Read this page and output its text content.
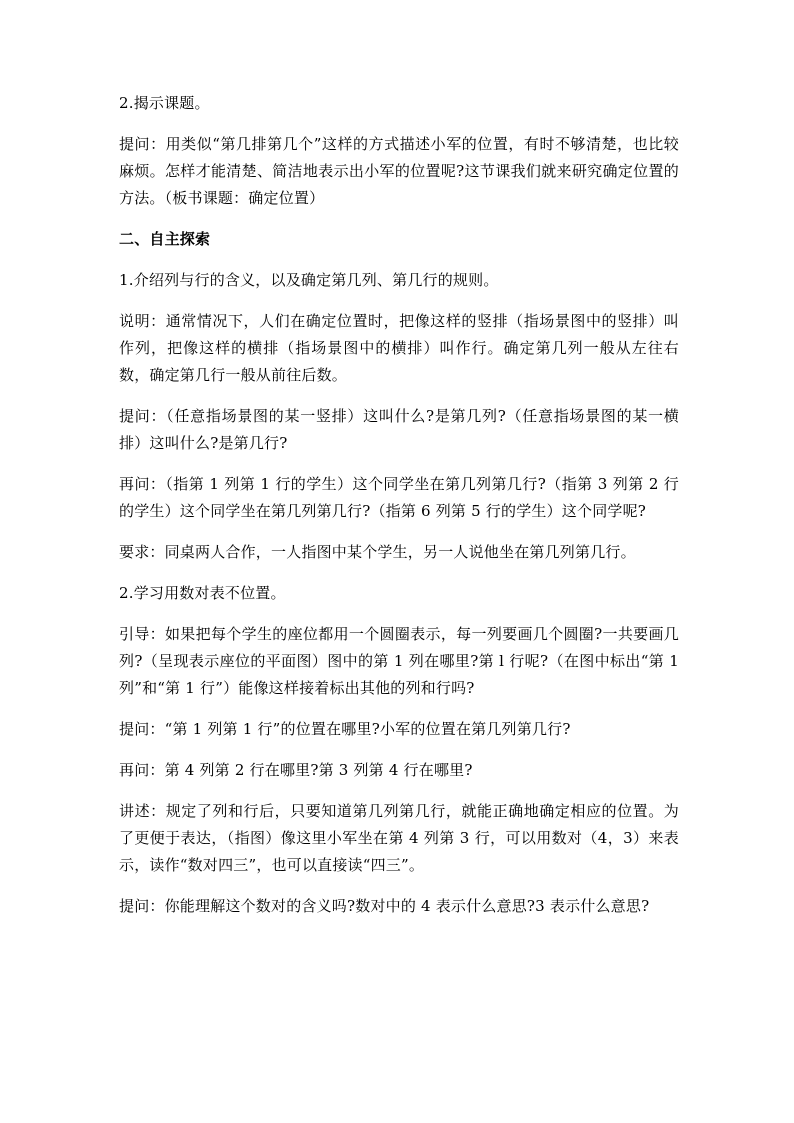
2.揭示课题。

提问：用类似“第几排第几个”这样的方式描述小军的位置，有时不够清楚，也比较麻烦。怎样才能清楚、简洁地表示出小军的位置呢?这节课我们就来研究确定位置的方法。（板书课题：确定位置）

二、自主探索

1.介绍列与行的含义，以及确定第几列、第几行的规则。

说明：通常情况下，人们在确定位置时，把像这样的竖排（指场景图中的竖排）叫作列，把像这样的横排（指场景图中的横排）叫作行。确定第几列一般从左往右数，确定第几行一般从前往后数。

提问：（任意指场景图的某一竖排）这叫什么?是第几列?（任意指场景图的某一横排）这叫什么?是第几行?

再问：（指第 1 列第 1 行的学生）这个同学坐在第几列第几行?（指第 3 列第 2 行的学生）这个同学坐在第几列第几行?（指第 6 列第 5 行的学生）这个同学呢?

要求：同桌两人合作，一人指图中某个学生，另一人说他坐在第几列第几行。

2.学习用数对表不位置。

引导：如果把每个学生的座位都用一个圆圈表示，每一列要画几个圆圈?一共要画几列?（呈现表示座位的平面图）图中的第 1 列在哪里?第 l 行呢?（在图中标出“第 1 列”和“第 1 行”）能像这样接着标出其他的列和行吗?

提问：“第 1 列第 1 行”的位置在哪里?小军的位置在第几列第几行?

再问：第 4 列第 2 行在哪里?第 3 列第 4 行在哪里?

讲述：规定了列和行后，只要知道第几列第几行，就能正确地确定相应的位置。为了更便于表达，（指图）像这里小军坐在第 4 列第 3 行，可以用数对（4，3）来表示，读作“数对四三”，也可以直接读“四三”。

提问：你能理解这个数对的含义吗?数对中的 4 表示什么意思?3 表示什么意思?
